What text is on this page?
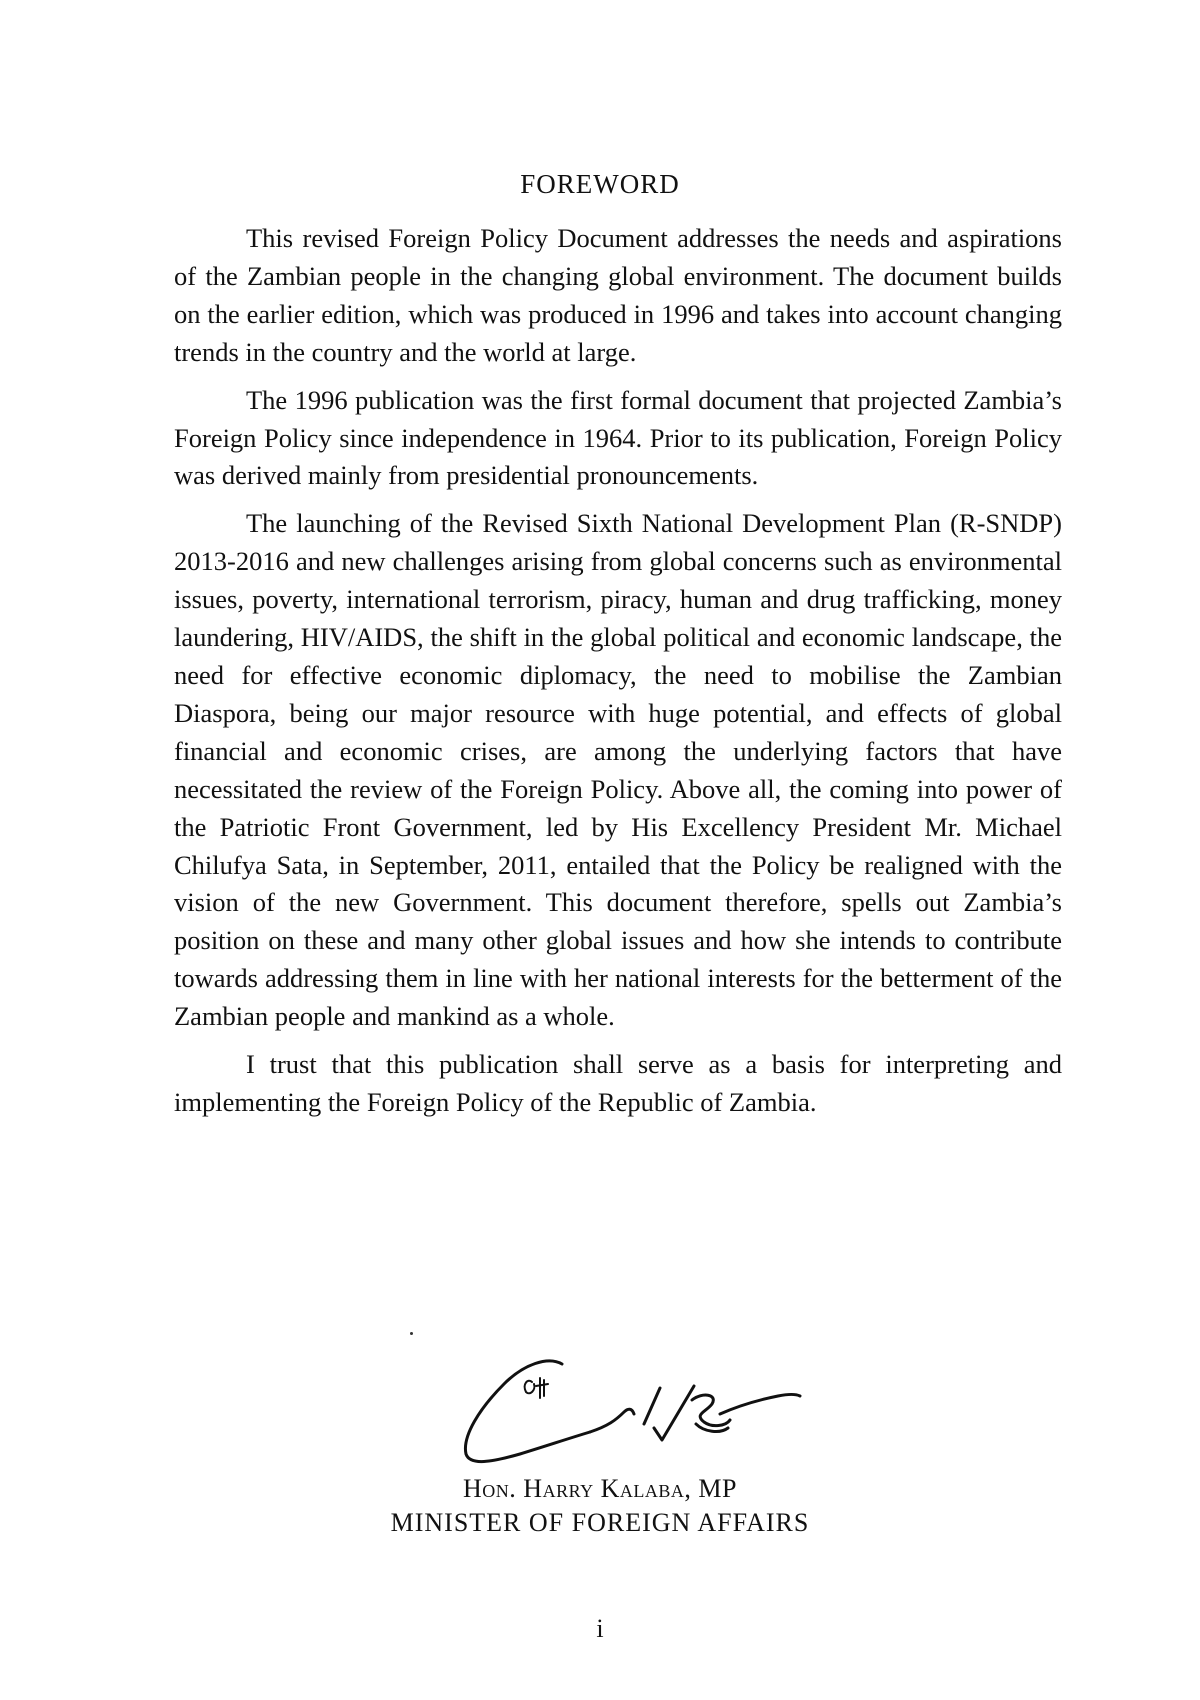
FOREWORD

This revised Foreign Policy Document addresses the needs and aspirations of the Zambian people in the changing global environment. The document builds on the earlier edition, which was produced in 1996 and takes into account changing trends in the country and the world at large.

The 1996 publication was the first formal document that projected Zambia’s Foreign Policy since independence in 1964. Prior to its publication, Foreign Policy was derived mainly from presidential pronouncements.

The launching of the Revised Sixth National Development Plan (R-SNDP) 2013-2016 and new challenges arising from global concerns such as environmental issues, poverty, international terrorism, piracy, human and drug trafficking, money laundering, HIV/AIDS, the shift in the global political and economic landscape, the need for effective economic diplomacy, the need to mobilise the Zambian Diaspora, being our major resource with huge potential, and effects of global financial and economic crises, are among the underlying factors that have necessitated the review of the Foreign Policy. Above all, the coming into power of the Patriotic Front Government, led by His Excellency President Mr. Michael Chilufya Sata, in September, 2011, entailed that the Policy be realigned with the vision of the new Government. This document therefore, spells out Zambia’s position on these and many other global issues and how she intends to contribute towards addressing them in line with her national interests for the betterment of the Zambian people and mankind as a whole.

I trust that this publication shall serve as a basis for interpreting and implementing the Foreign Policy of the Republic of Zambia.

Hon. Harry Kalaba, MP
MINISTER OF FOREIGN AFFAIRS
i
